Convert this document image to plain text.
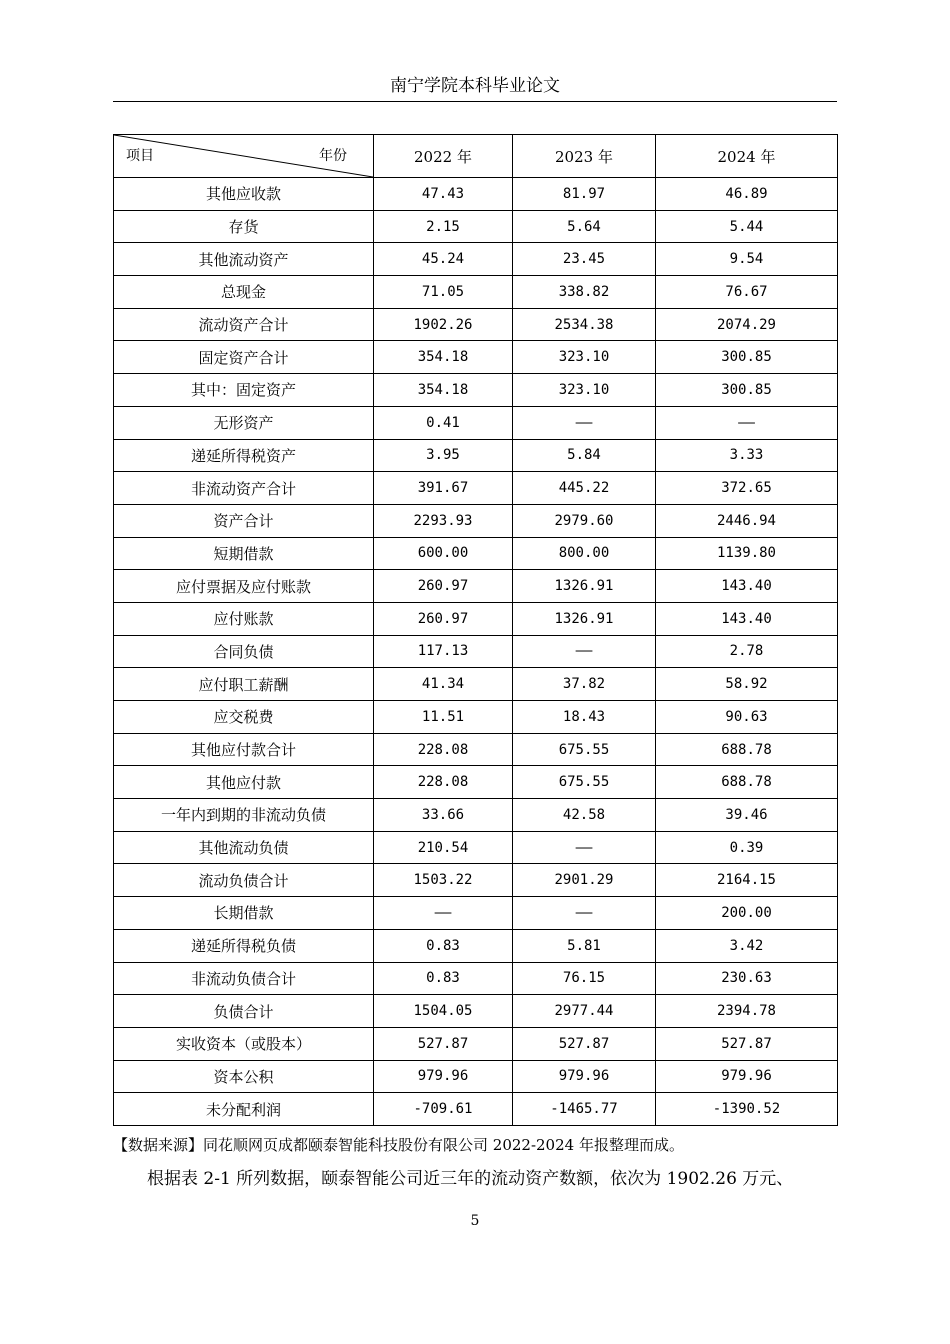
南宁学院本科毕业论文
项目 年份	2022 年	2023 年	2024 年
其他应收款	47.43	81.97	46.89
存货	2.15	5.64	5.44
其他流动资产	45.24	23.45	9.54
总现金	71.05	338.82	76.67
流动资产合计	1902.26	2534.38	2074.29
固定资产合计	354.18	323.10	300.85
其中：固定资产	354.18	323.10	300.85
无形资产	0.41	——	——
递延所得税资产	3.95	5.84	3.33
非流动资产合计	391.67	445.22	372.65
资产合计	2293.93	2979.60	2446.94
短期借款	600.00	800.00	1139.80
应付票据及应付账款	260.97	1326.91	143.40
应付账款	260.97	1326.91	143.40
合同负债	117.13	——	2.78
应付职工薪酬	41.34	37.82	58.92
应交税费	11.51	18.43	90.63
其他应付款合计	228.08	675.55	688.78
其他应付款	228.08	675.55	688.78
一年内到期的非流动负债	33.66	42.58	39.46
其他流动负债	210.54	——	0.39
流动负债合计	1503.22	2901.29	2164.15
长期借款	——	——	200.00
递延所得税负债	0.83	5.81	3.42
非流动负债合计	0.83	76.15	230.63
负债合计	1504.05	2977.44	2394.78
实收资本（或股本）	527.87	527.87	527.87
资本公积	979.96	979.96	979.96
未分配利润	-709.61	-1465.77	-1390.52
【数据来源】同花顺网页成都颐泰智能科技股份有限公司 2022-2024 年报整理而成。
根据表 2-1 所列数据，颐泰智能公司近三年的流动资产数额，依次为 1902.26 万元、
5
